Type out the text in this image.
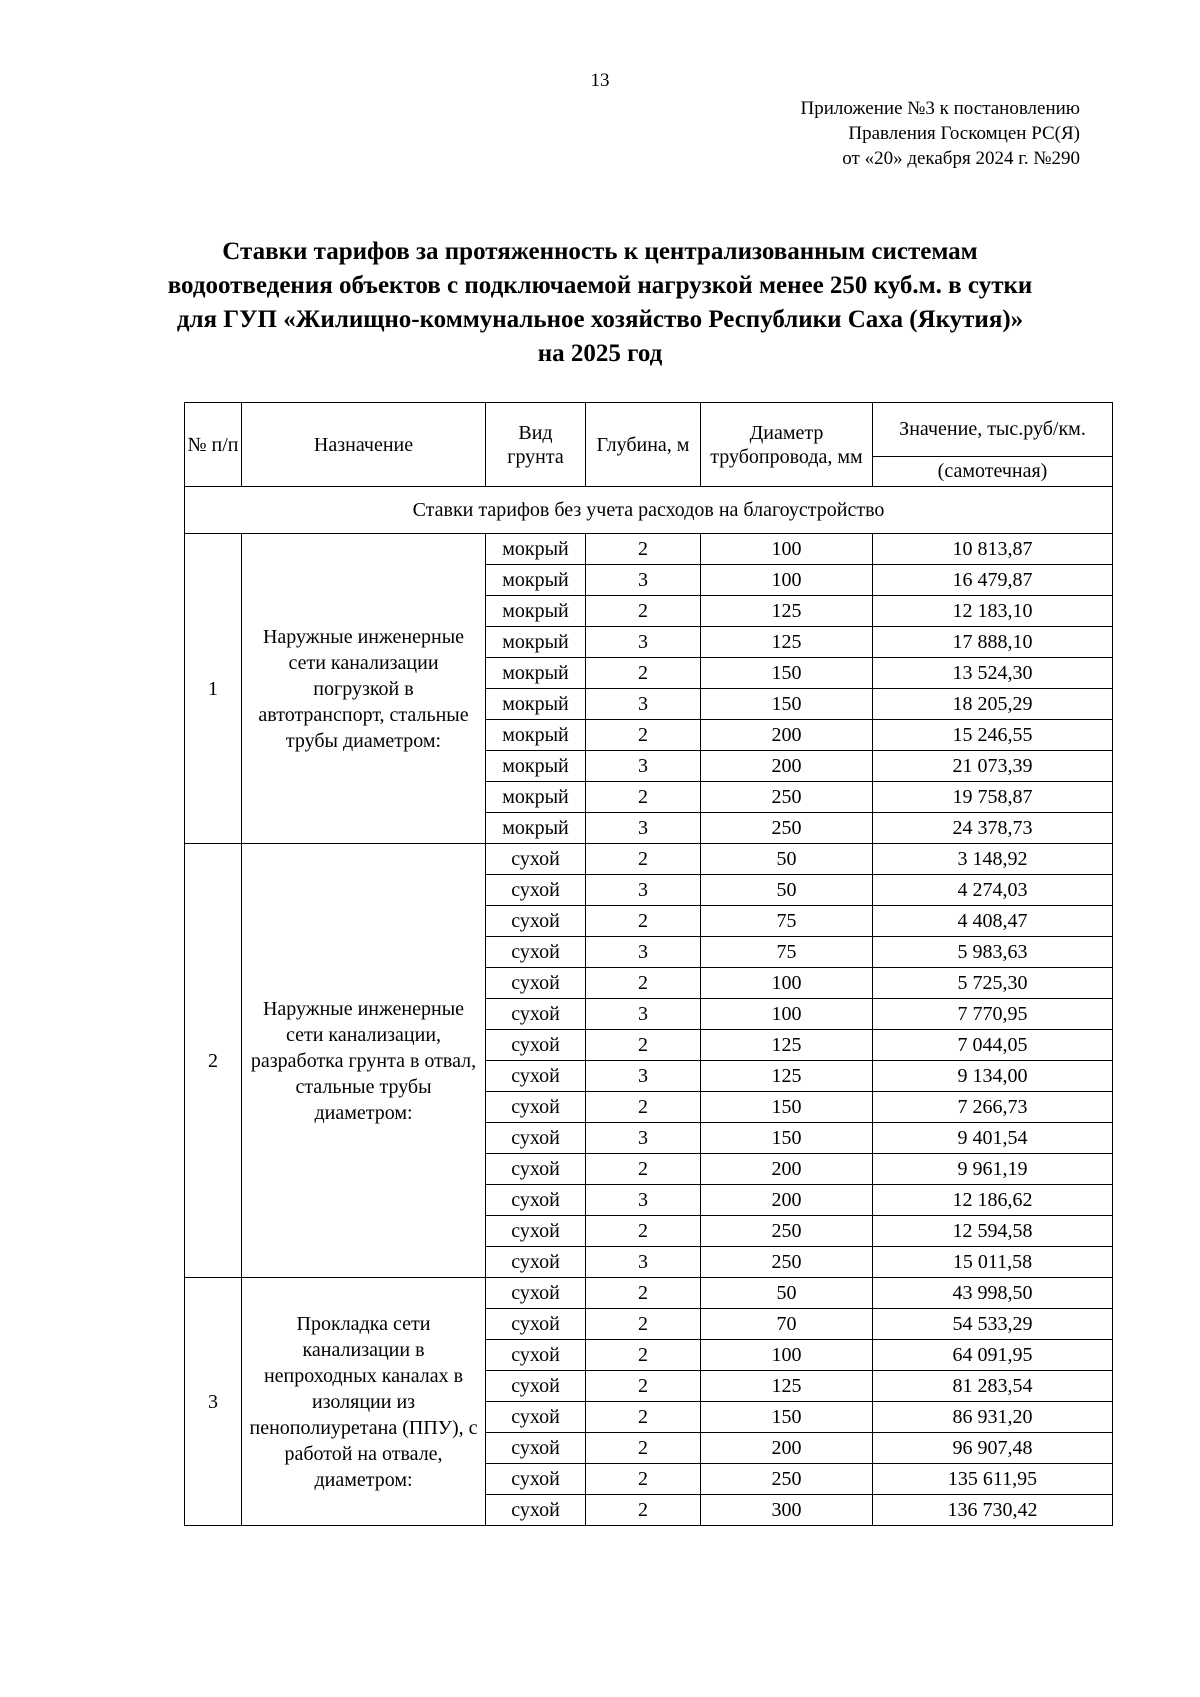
13
Приложение №3 к постановлению
Правления Госкомцен РС(Я)
от «20» декабря 2024 г. №290
Ставки тарифов за протяженность к централизованным системам
водоотведения объектов с подключаемой нагрузкой менее 250 куб.м. в сутки
для ГУП «Жилищно-коммунальное хозяйство Республики Саха (Якутия)»
на 2025 год
№ п/п	Назначение	Вид грунта	Глубина, м	Диаметр трубопровода, мм	Значение, тыс.руб/км.
					(самотечная)
Ставки тарифов без учета расходов на благоустройство					
1	Наружные инженерные сети канализации погрузкой в автотранспорт, стальные трубы диаметром:	мокрый	2	100	10 813,87
		мокрый	3	100	16 479,87
		мокрый	2	125	12 183,10
		мокрый	3	125	17 888,10
		мокрый	2	150	13 524,30
		мокрый	3	150	18 205,29
		мокрый	2	200	15 246,55
		мокрый	3	200	21 073,39
		мокрый	2	250	19 758,87
		мокрый	3	250	24 378,73
2	Наружные инженерные сети канализации, разработка грунта в отвал, стальные трубы диаметром:	сухой	2	50	3 148,92
		сухой	3	50	4 274,03
		сухой	2	75	4 408,47
		сухой	3	75	5 983,63
		сухой	2	100	5 725,30
		сухой	3	100	7 770,95
		сухой	2	125	7 044,05
		сухой	3	125	9 134,00
		сухой	2	150	7 266,73
		сухой	3	150	9 401,54
		сухой	2	200	9 961,19
		сухой	3	200	12 186,62
		сухой	2	250	12 594,58
		сухой	3	250	15 011,58
3	Прокладка сети канализации в непроходных каналах в изоляции из пенополиуретана (ППУ), с работой на отвале, диаметром:	сухой	2	50	43 998,50
		сухой	2	70	54 533,29
		сухой	2	100	64 091,95
		сухой	2	125	81 283,54
		сухой	2	150	86 931,20
		сухой	2	200	96 907,48
		сухой	2	250	135 611,95
		сухой	2	300	136 730,42
